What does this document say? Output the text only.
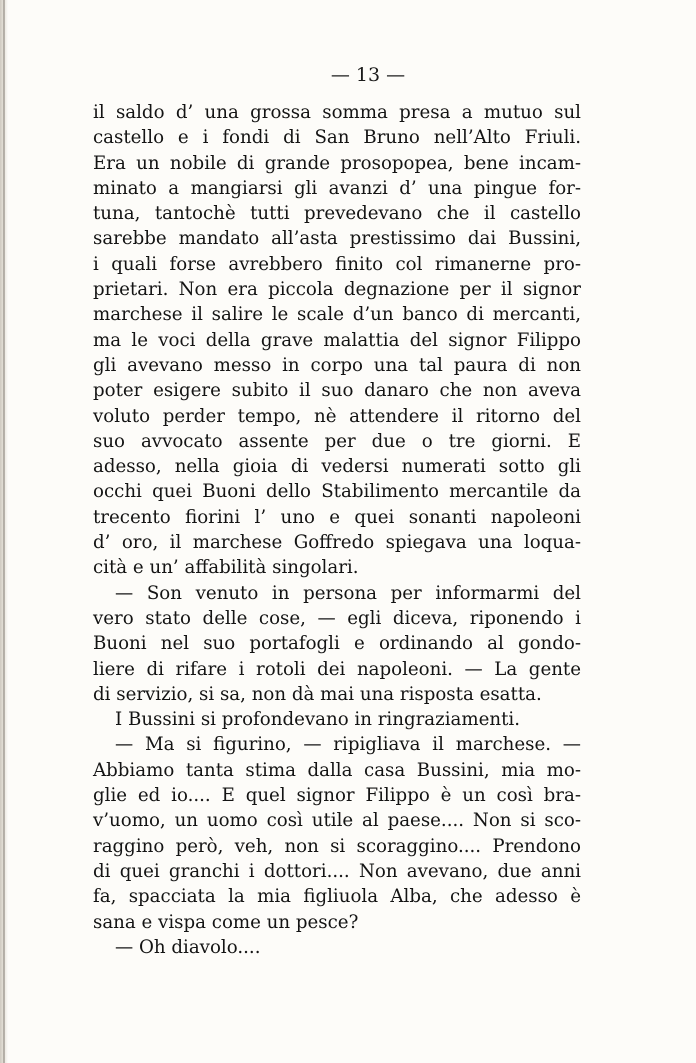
— 13 —
il saldo d’ una grossa somma presa a mutuo sul
castello e i fondi di San Bruno nell’Alto Friuli.
Era un nobile di grande prosopopea, bene incam-
minato a mangiarsi gli avanzi d’ una pingue for-
tuna, tantochè tutti prevedevano che il castello
sarebbe mandato all’asta prestissimo dai Bussini,
i quali forse avrebbero finito col rimanerne pro-
prietari. Non era piccola degnazione per il signor
marchese il salire le scale d’un banco di mercanti,
ma le voci della grave malattia del signor Filippo
gli avevano messo in corpo una tal paura di non
poter esigere subito il suo danaro che non aveva
voluto perder tempo, nè attendere il ritorno del
suo avvocato assente per due o tre giorni. E
adesso, nella gioia di vedersi numerati sotto gli
occhi quei Buoni dello Stabilimento mercantile da
trecento fiorini l’ uno e quei sonanti napoleoni
d’ oro, il marchese Goffredo spiegava una loqua-
cità e un’ affabilità singolari.
— Son venuto in persona per informarmi del
vero stato delle cose, — egli diceva, riponendo i
Buoni nel suo portafogli e ordinando al gondo-
liere di rifare i rotoli dei napoleoni. — La gente
di servizio, si sa, non dà mai una risposta esatta.
I Bussini si profondevano in ringraziamenti.
— Ma si figurino, — ripigliava il marchese. —
Abbiamo tanta stima dalla casa Bussini, mia mo-
glie ed io.... E quel signor Filippo è un così bra-
v’uomo, un uomo così utile al paese.... Non si sco-
raggino però, veh, non si scoraggino.... Prendono
di quei granchi i dottori.... Non avevano, due anni
fa, spacciata la mia figliuola Alba, che adesso è
sana e vispa come un pesce?
— Oh diavolo....
